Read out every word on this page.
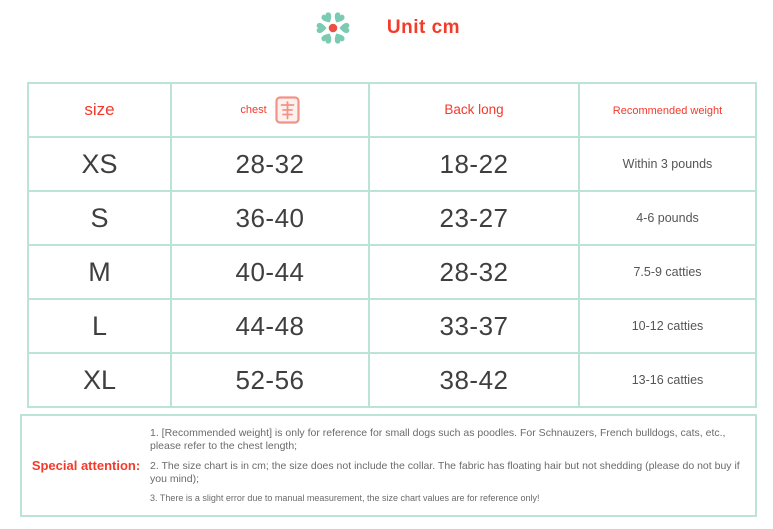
Unit cm
size	chest	Back long	Recommended weight
XS	28-32	18-22	Within 3 pounds
S	36-40	23-27	4-6 pounds
M	40-44	28-32	7.5-9 catties
L	44-48	33-37	10-12 catties
XL	52-56	38-42	13-16 catties
Special attention:
1. [Recommended weight] is only for reference for small dogs such as poodles. For Schnauzers, French bulldogs, cats, etc., please refer to the chest length;
2. The size chart is in cm; the size does not include the collar. The fabric has floating hair but not shedding (please do not buy if you mind);
3. There is a slight error due to manual measurement, the size chart values are for reference only!
